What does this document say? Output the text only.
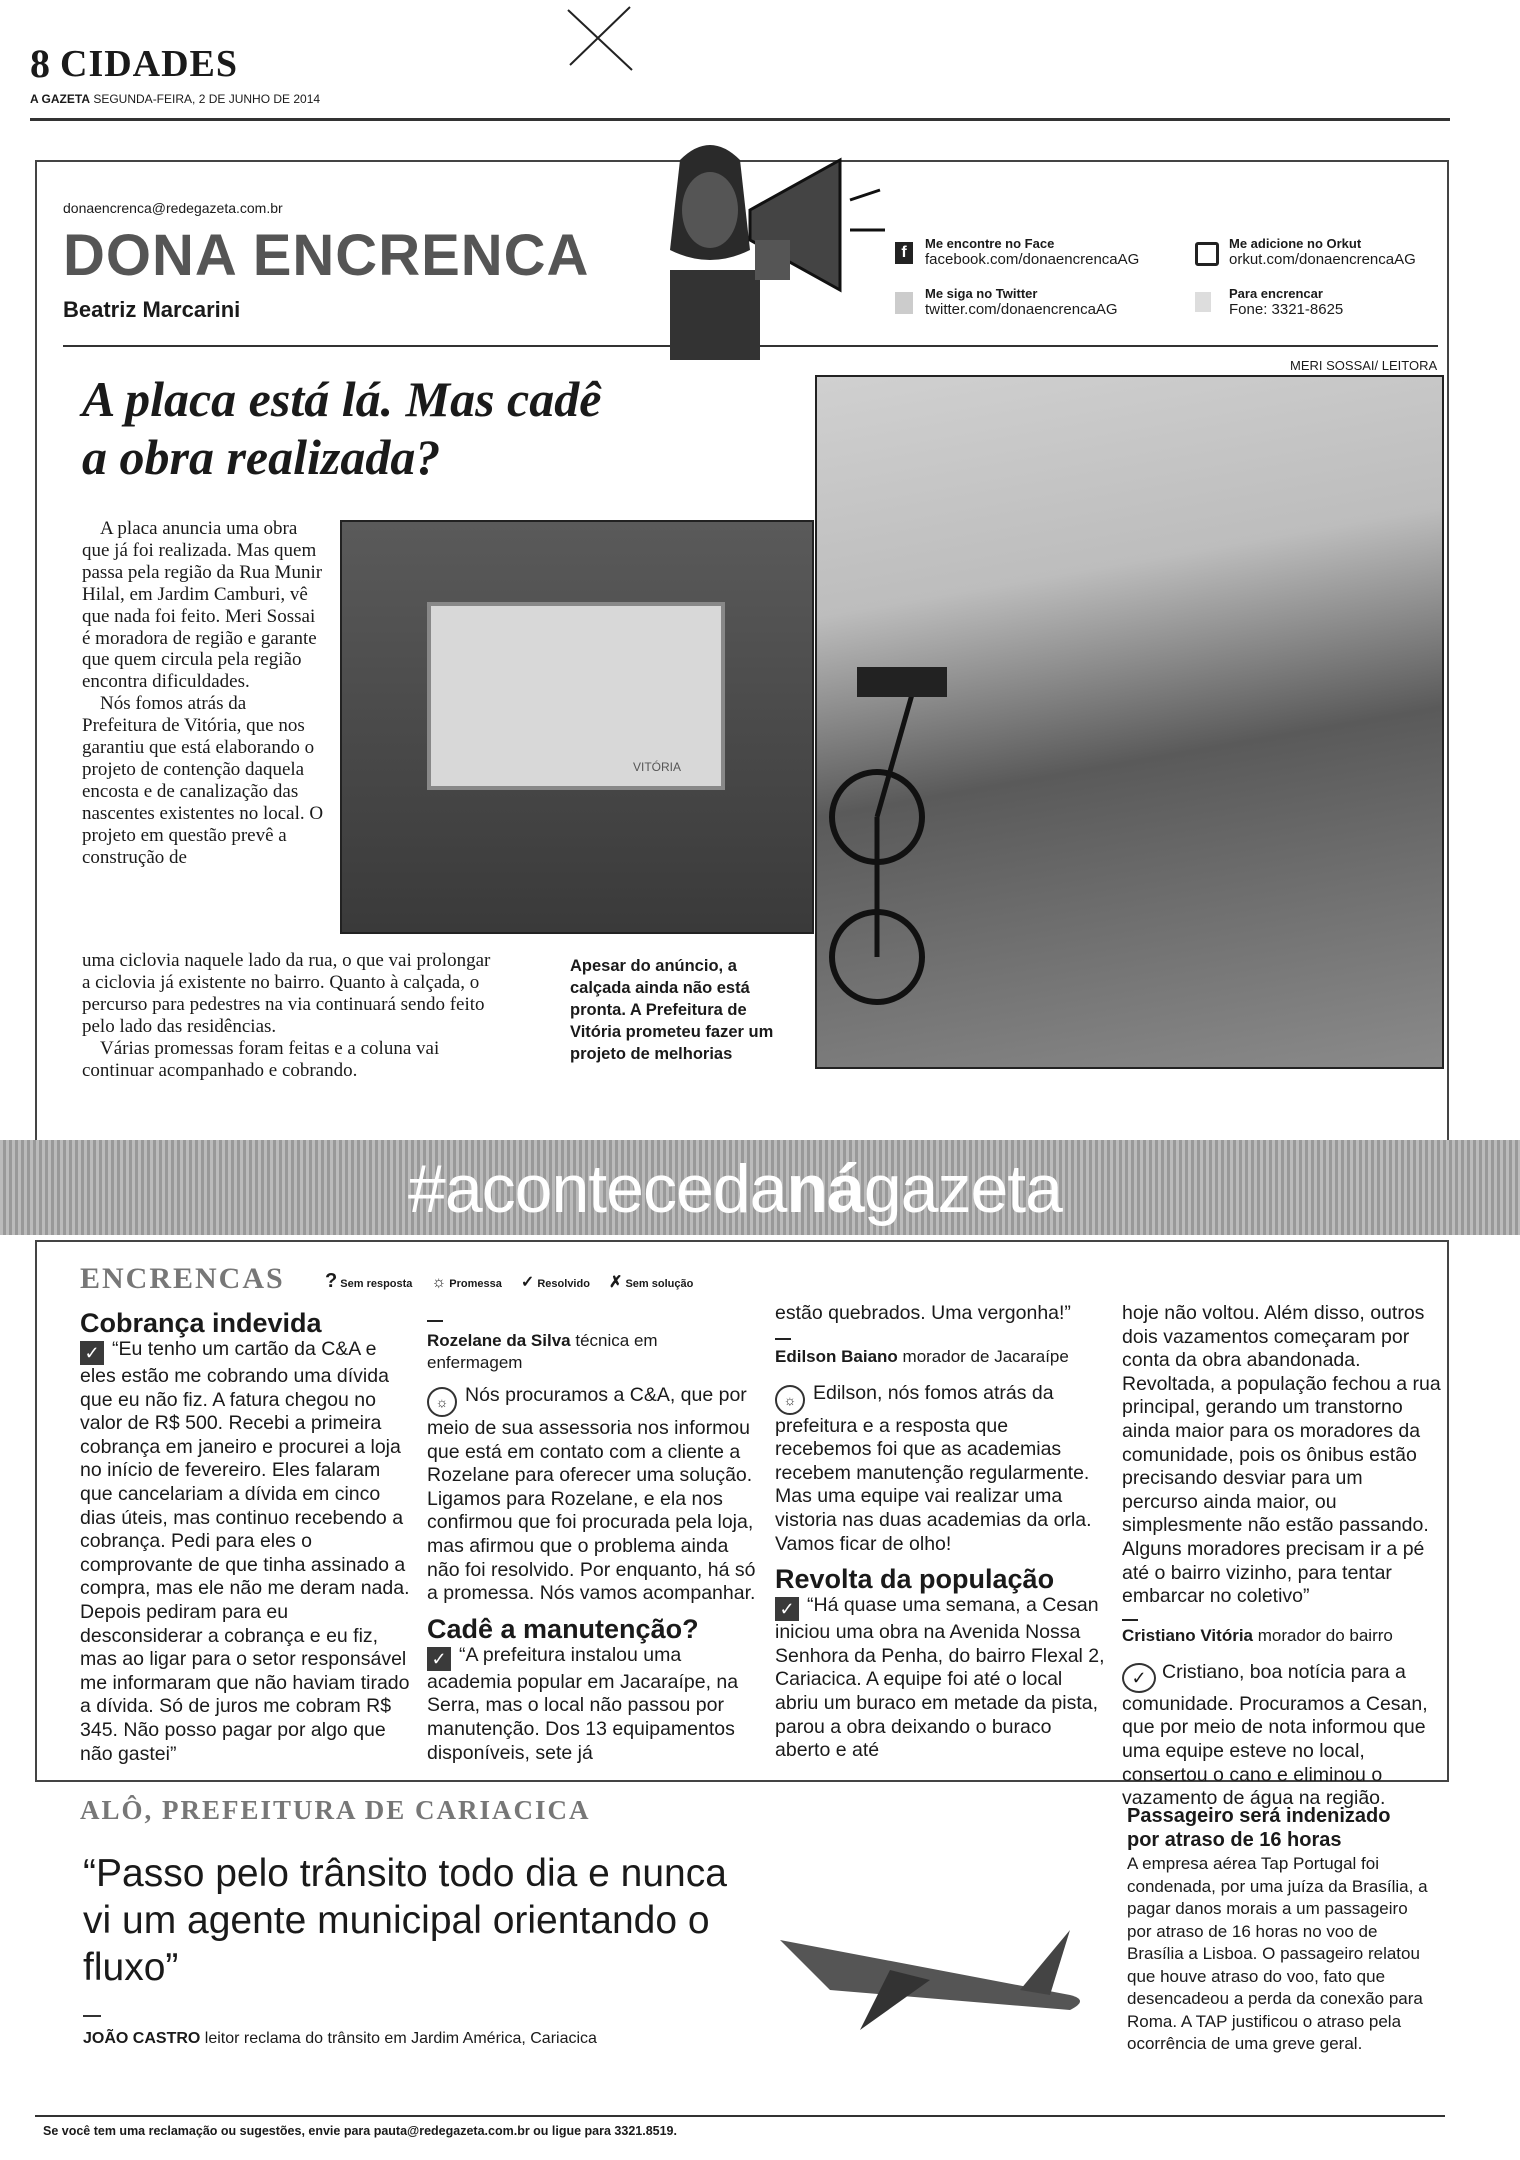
8 CIDADES
A GAZETA SEGUNDA-FEIRA, 2 DE JUNHO DE 2014
donaencrenca@redegazeta.com.br
DONA ENCRENCA
Beatriz Marcarini
f
Me encontre no Face
facebook.com/donaencrencaAG
Me siga no Twitter
twitter.com/donaencrencaAG
Me adicione no Orkut
orkut.com/donaencrencaAG
Para encrencar
Fone: 3321-8625
MERI SOSSAI/ LEITORA
A placa está lá. Mas cadê
a obra realizada?

A placa anuncia uma obra que já foi realizada. Mas quem passa pela região da Rua Munir Hilal, em Jardim Camburi, vê que nada foi feito. Meri Sossai é moradora de região e garante que quem circula pela região encontra dificuldades.

Nós fomos atrás da Prefeitura de Vitória, que nos garantiu que está elaborando o projeto de contenção daquela encosta e de canalização das nascentes existentes no local. O projeto em questão prevê a construção de

uma ciclovia naquele lado da rua, o que vai prolongar a ciclovia já existente no bairro. Quanto à calçada, o percurso para pedestres na via continuará sendo feito pelo lado das residências.

Várias promessas foram feitas e a coluna vai continuar acompanhado e cobrando.

VITÓRIA
Apesar do anúncio, a calçada ainda não está pronta. A Prefeitura de Vitória prometeu fazer um projeto de melhorias
#acontecedanágazeta
ENCRENCAS ? Sem resposta ☼ Promessa ✓ Resolvido ✗ Sem solução
Cobrança indevida
✓ “Eu tenho um cartão da C&A e eles estão me cobrando uma dívida que eu não fiz. A fatura chegou no valor de R$ 500. Recebi a primeira cobrança em janeiro e procurei a loja no início de fevereiro. Eles falaram que cancelariam a dívida em cinco dias úteis, mas continuo recebendo a cobrança. Pedi para eles o comprovante de que tinha assinado a compra, mas ele não me deram nada. Depois pediram para eu desconsiderar a cobrança e eu fiz, mas ao ligar para o setor responsável me informaram que não haviam tirado a dívida. Só de juros me cobram R$ 345. Não posso pagar por algo que não gastei”
Rozelane da Silva técnica em enfermagem
☼ Nós procuramos a C&A, que por meio de sua assessoria nos informou que está em contato com a cliente a Rozelane para oferecer uma solução. Ligamos para Rozelane, e ela nos confirmou que foi procurada pela loja, mas afirmou que o problema ainda não foi resolvido. Por enquanto, há só a promessa. Nós vamos acompanhar.
Cadê a manutenção?
✓ “A prefeitura instalou uma academia popular em Jacaraípe, na Serra, mas o local não passou por manutenção. Dos 13 equipamentos disponíveis, sete já
estão quebrados. Uma vergonha!”
Edilson Baiano morador de Jacaraípe
☼ Edilson, nós fomos atrás da prefeitura e a resposta que recebemos foi que as academias recebem manutenção regularmente. Mas uma equipe vai realizar uma vistoria nas duas academias da orla. Vamos ficar de olho!
Revolta da população
✓ “Há quase uma semana, a Cesan iniciou uma obra na Avenida Nossa Senhora da Penha, do bairro Flexal 2, Cariacica. A equipe foi até o local abriu um buraco em metade da pista, parou a obra deixando o buraco aberto e até
hoje não voltou. Além disso, outros dois vazamentos começaram por conta da obra abandonada. Revoltada, a população fechou a rua principal, gerando um transtorno ainda maior para os moradores da comunidade, pois os ônibus estão precisando desviar para um percurso ainda maior, ou simplesmente não estão passando. Alguns moradores precisam ir a pé até o bairro vizinho, para tentar embarcar no coletivo”
Cristiano Vitória morador do bairro
✓ Cristiano, boa notícia para a comunidade. Procuramos a Cesan, que por meio de nota informou que uma equipe esteve no local, consertou o cano e eliminou o vazamento de água na região.
ALÔ, PREFEITURA DE CARIACICA
“Passo pelo trânsito todo dia e nunca vi um agente municipal orientando o fluxo”
JOÃO CASTRO leitor reclama do trânsito em Jardim América, Cariacica
Passageiro será indenizado por atraso de 16 horas
A empresa aérea Tap Portugal foi condenada, por uma juíza da Brasília, a pagar danos morais a um passageiro por atraso de 16 horas no voo de Brasília a Lisboa. O passageiro relatou que houve atraso do voo, fato que desencadeou a perda da conexão para Roma. A TAP justificou o atraso pela ocorrência de uma greve geral.
Se você tem uma reclamação ou sugestões, envie para pauta@redegazeta.com.br ou ligue para 3321.8519.
